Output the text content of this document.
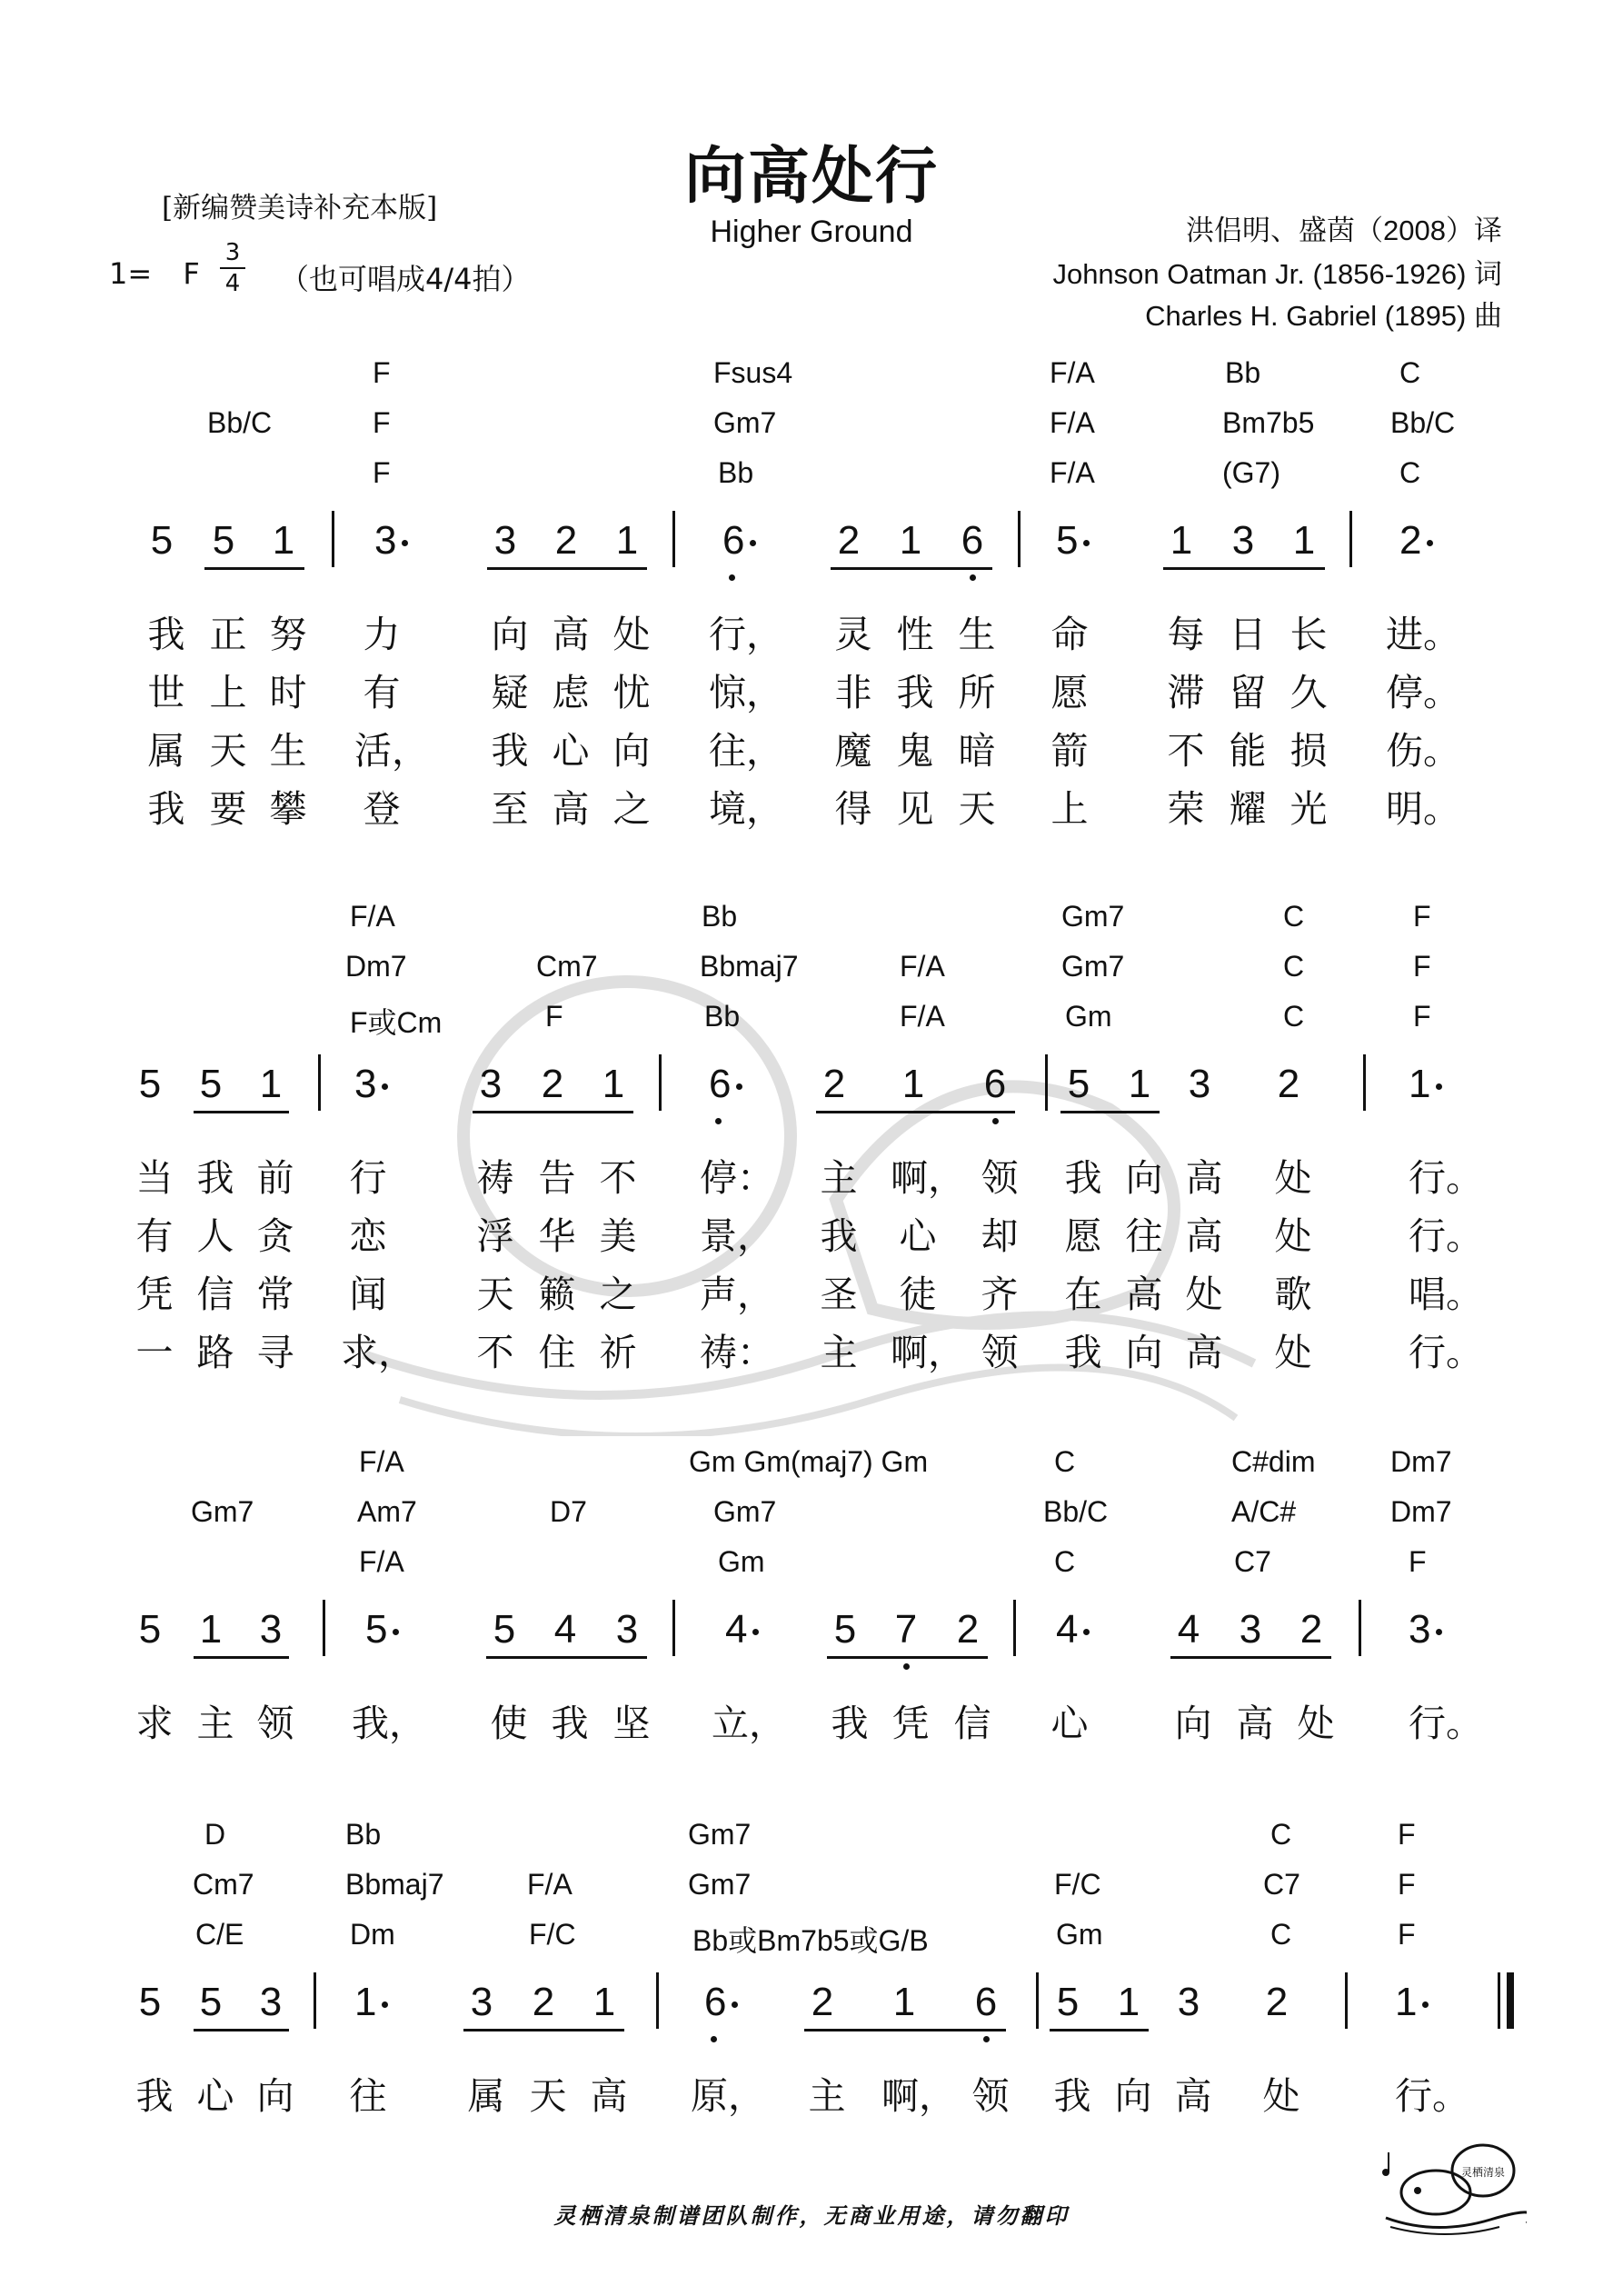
向高处行
Higher Ground
[新编赞美诗补充本版]
1= F
3
4	（也可唱成4/4拍）
洪侣明、盛茵（2008）译
Johnson Oatman Jr. (1856-1926) 词
Charles H. Gabriel (1895) 曲
F	Fsus4	F/A	Bb	C
Bb/C	F	Gm7	F/A	Bm7b5	Bb/C
F	Bb	F/A	(G7)	C
5 5 1 3	3 2 1 6	2 1 6 5	1 3 1 2
我 正 努 力 向 高 处 行， 灵 性 生 命 每 日 长 进。
世 上 时 有 疑 虑 忧 惊， 非 我 所 愿 滞 留 久 停。
属 天 生 活， 我 心 向 往， 魔 鬼 暗 箭 不 能 损 伤。
我 要 攀 登 至 高 之 境， 得 见 天 上 荣 耀 光 明。
F/A	Bb	Gm7	C	F
Dm7	Cm7	Bbmaj7	F/A	Gm7	C	F
F或Cm	F	Bb	F/A	Gm	C	F
5 5 1 3	3 2 1 6	2 1 6 5 1 3 2	1
当 我 前 行 祷 告 不 停： 主 啊， 领 我 向 高 处	行。
有 人 贪 恋 浮 华 美 景， 我 心 却 愿 往 高 处	行。
凭 信 常 闻 天 籁 之 声， 圣 徒 齐 在 高 处 歌	唱。
一 路 寻 求， 不 住 祈 祷： 主 啊， 领 我 向 高 处	行。
F/A	Gm Gm(maj7) Gm	C	C#dim	Dm7
Gm7	Am7	D7	Gm7	Bb/C	A/C#	Dm7
F/A	Gm	C	C7	F
5 1 3 5	5 4 3 4	5 7 2 4	4 3 2 3
求 主 领 我， 使 我 坚 立， 我 凭 信 心 向 高 处 行。
D	Bb	Gm7	C	F
Cm7	Bbmaj7	F/A	Gm7	F/C	C7	F
C/E	Dm	F/C	Bb或Bm7b5或G/B	Gm	C	F
5 5 3 1	3 2 1 6	2 1 6 5 1 3 2	1
我 心 向 往 属 天 高 原， 主 啊， 领 我 向 高 处	行。
灵栖清泉制谱团队制作，无商业用途，请勿翻印
灵栖清泉
